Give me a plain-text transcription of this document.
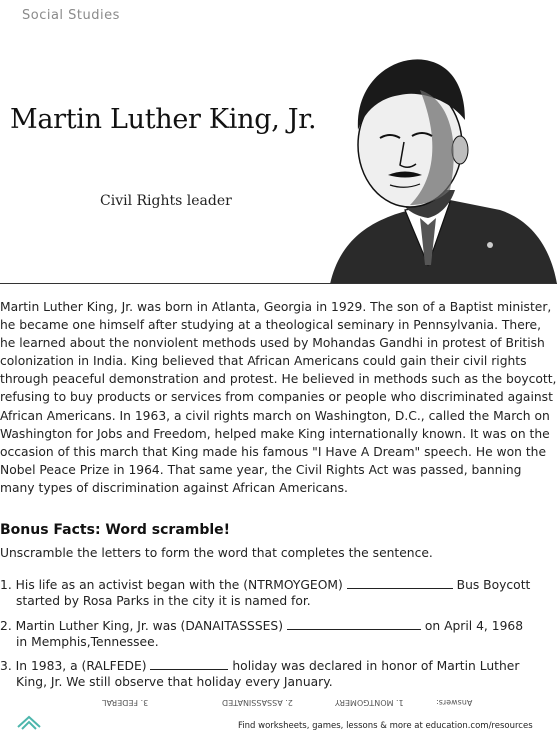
Social Studies
Martin Luther King, Jr.
Civil Rights leader

Martin Luther King, Jr. was born in Atlanta, Georgia in 1929. The son of a Baptist minister, he became one himself after studying at a theological seminary in Pennsylvania. There, he learned about the nonviolent methods used by Mohandas Gandhi in protest of British colonization in India. King believed that African Americans could gain their civil rights through peaceful demonstration and protest. He believed in methods such as the boycott, refusing to buy products or services from companies or people who discriminated against African Americans. In 1963, a civil rights march on Washington, D.C., called the March on Washington for Jobs and Freedom, helped make King internationally known. It was on the occasion of this march that King made his famous "I Have A Dream" speech. He won the Nobel Peace Prize in 1964. That same year, the Civil Rights Act was passed, banning many types of discrimination against African Americans.

Bonus Facts: Word scramble!
Unscramble the letters to form the word that completes the sentence.
1. His life as an activist began with the (NTRMOYGEOM)	Bus Boycott
started by Rosa Parks in the city it is named for.
2. Martin Luther King, Jr. was (DANAITASSSES)	on April 4, 1968
in Memphis,Tennessee.
3. In 1983, a (RALFEDE)	holiday was declared in honor of Martin Luther
King, Jr. We still observe that holiday every January.
3. FEDERAL	2. ASSASSINATED	1. MONTGOMERY	Answers:
Find worksheets, games, lessons & more at education.com/resources
